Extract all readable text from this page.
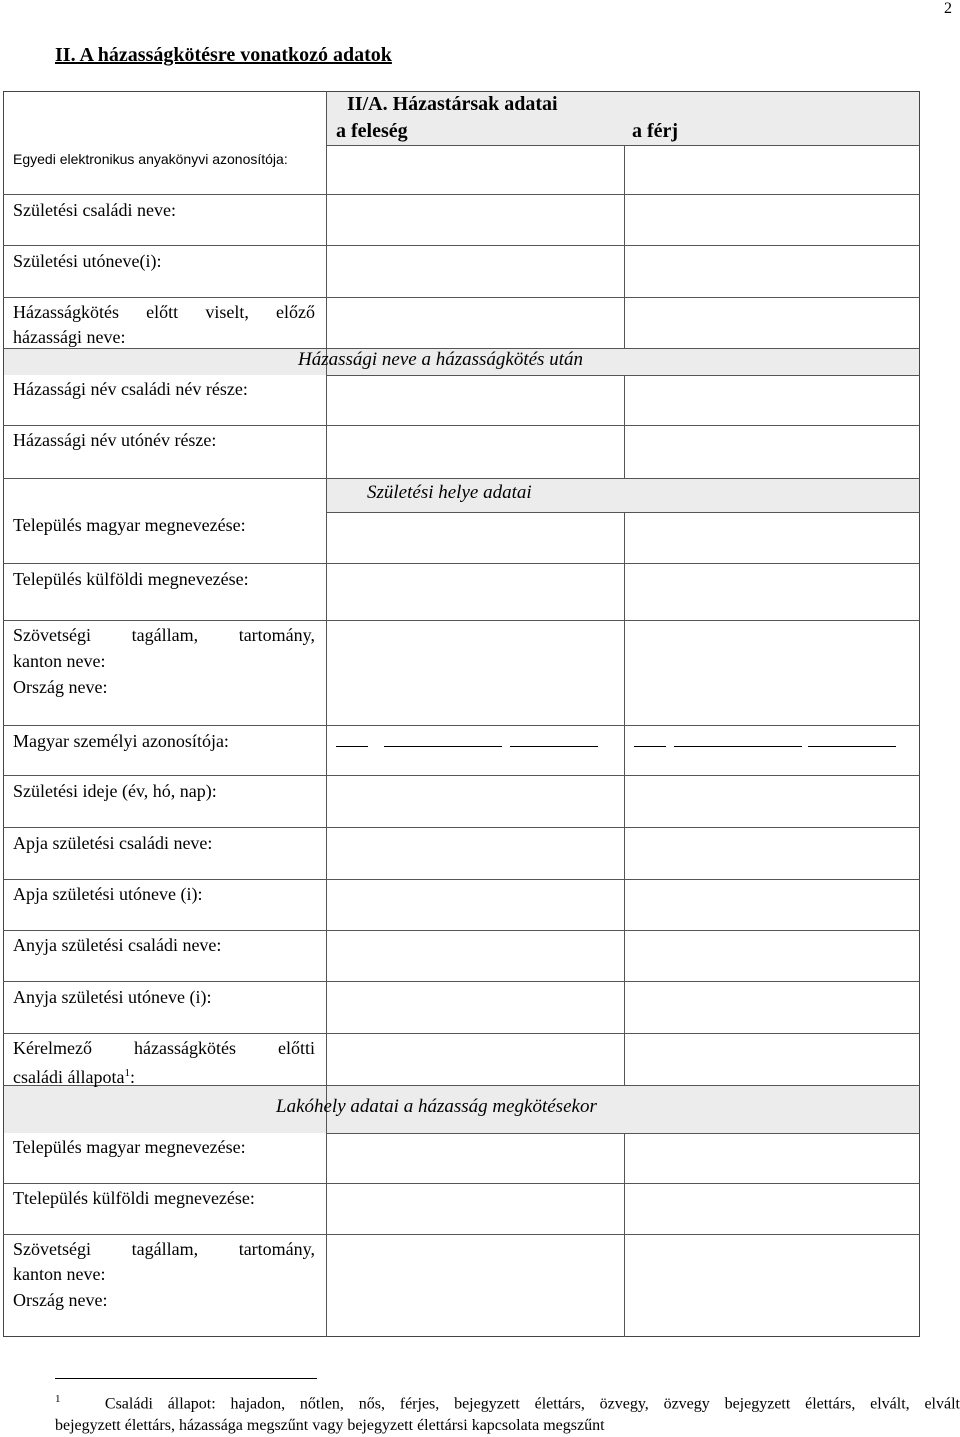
2
II. A házasságkötésre vonatkozó adatok
II/A. Házastársak adatai
a feleség	a férj
Egyedi elektronikus anyakönyvi azonosítója:
Születési családi neve:
Születési utóneve(i):
Házasságkötés előtt viselt, előző
házassági neve:
Házassági neve a házasságkötés után
Házassági név családi név része:
Házassági név utónév része:
Születési helye adatai
Település magyar megnevezése:
Település külföldi megnevezése:
Szövetségi tagállam, tartomány,
kanton neve:
Ország neve:
Magyar személyi azonosítója:
Születési ideje (év, hó, nap):
Apja születési családi neve:
Apja születési utóneve (i):
Anyja születési családi neve:
Anyja születési utóneve (i):
Kérelmező házasságkötés előtti
családi állapota$^1$:
Lakóhely adatai a házasság megkötésekor
Település magyar megnevezése:
Ttelepülés külföldi megnevezése:
Szövetségi tagállam, tartomány,
kanton neve:
Ország neve:
$^1$	Családi állapot: hajadon, nőtlen, nős, férjes, bejegyzett élettárs, özvegy, özvegy bejegyzett élettárs, elvált, elvált
bejegyzett élettárs, házassága megszűnt vagy bejegyzett élettársi kapcsolata megszűnt
